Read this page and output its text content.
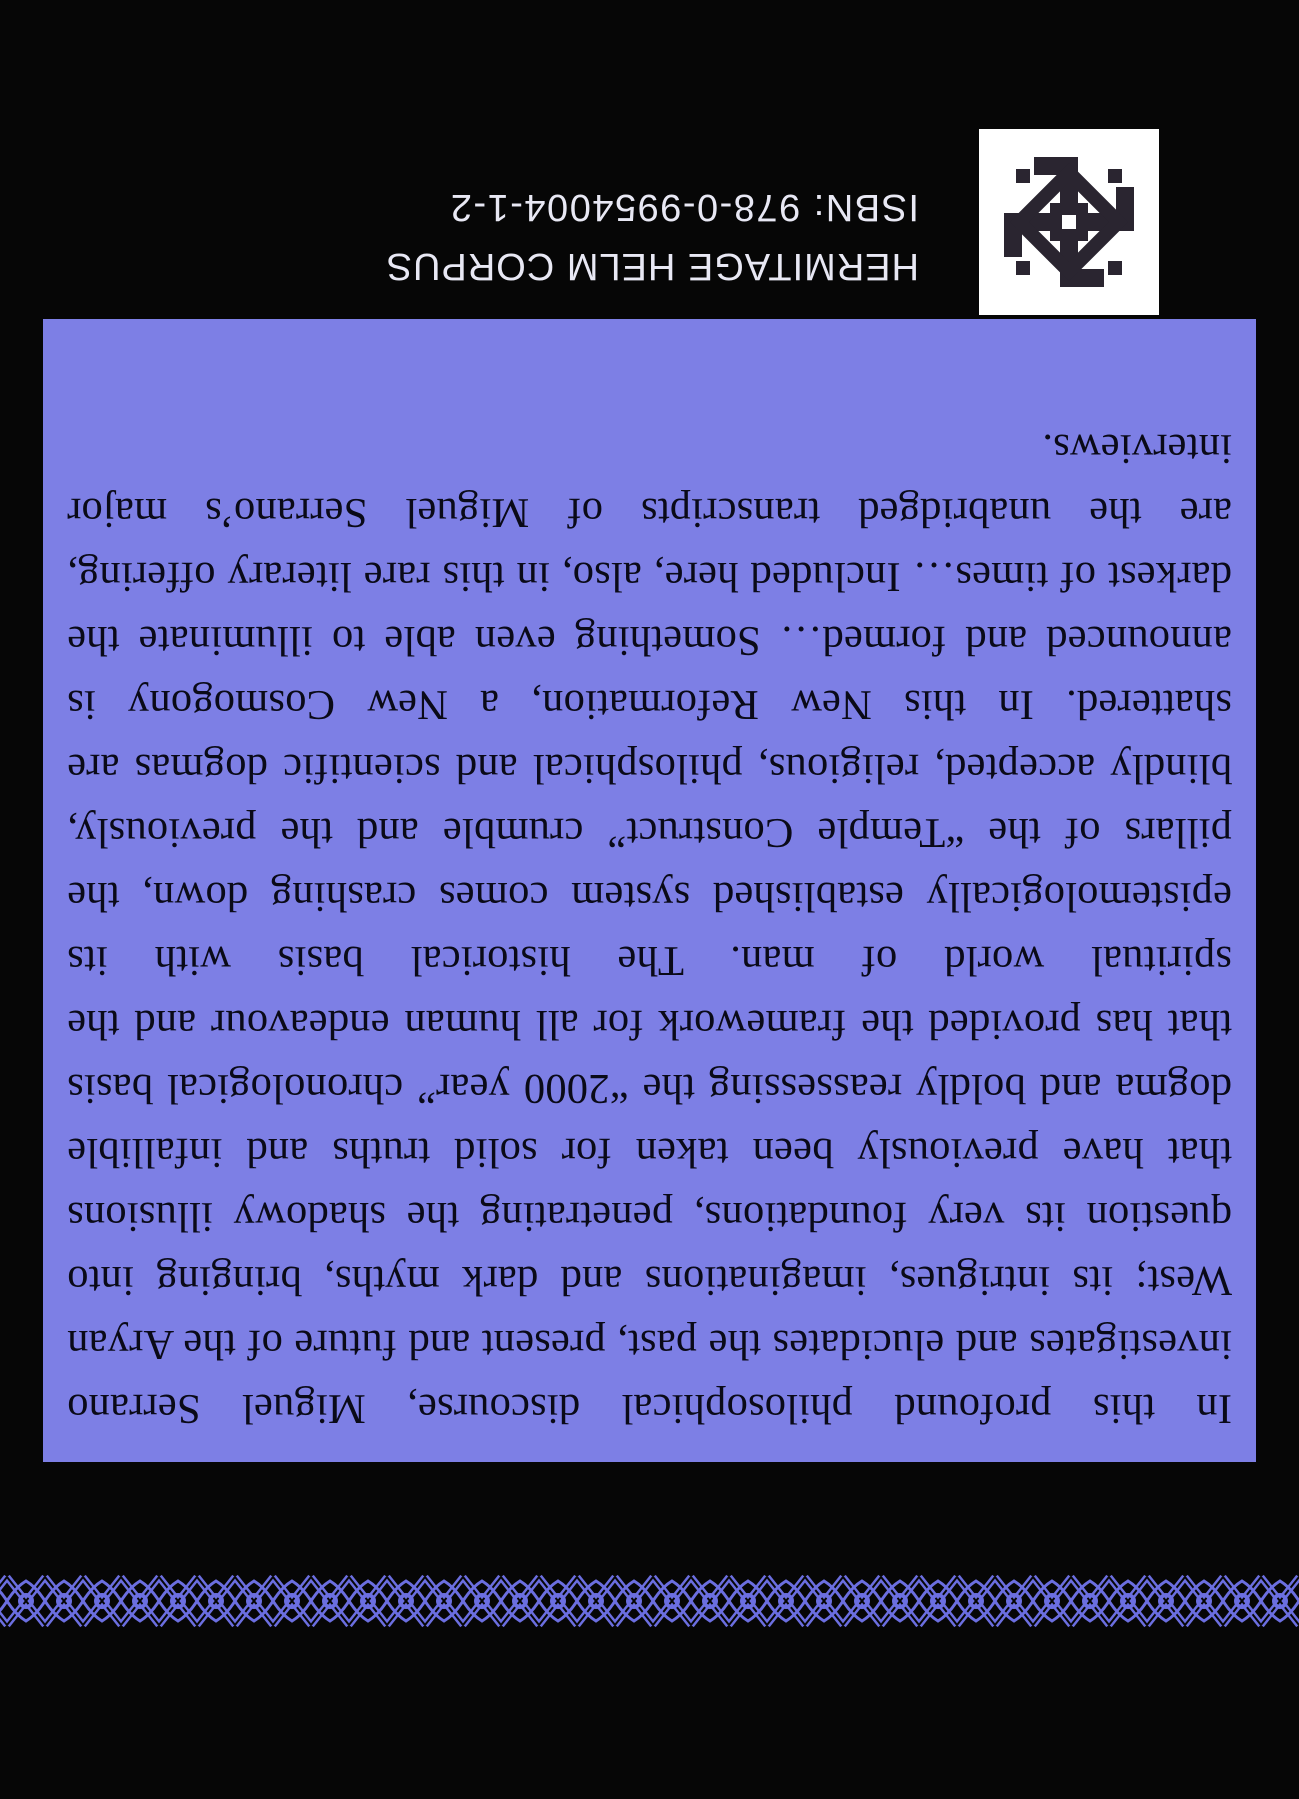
In this profound philosophical discourse, Miguel Serrano investigates and elucidates the past, present and future of the Aryan West; its intrigues, imaginations and dark myths, bringing into question its very foundations, penetrating the shadowy illusions that have previously been taken for solid truths and infallible dogma and boldly reassessing the “2000 year” chronological basis that has provided the framework for all human endeavour and the spiritual world of man. The historical basis with its epistemologically established system comes crashing down, the pillars of the “Temple Construct” crumble and the previously, blindly accepted, religious, philosphical and scientific dogmas are shattered. In this New Reformation, a New Cosmogony is announced and formed… Something even able to illuminate the darkest of times… Included here, also, in this rare literary offering, are the unabridged transcripts of Miguel Serrano’s major interviews.

HERMITAGE HELM CORPUS
ISBN: 978-0-9954004-1-2
